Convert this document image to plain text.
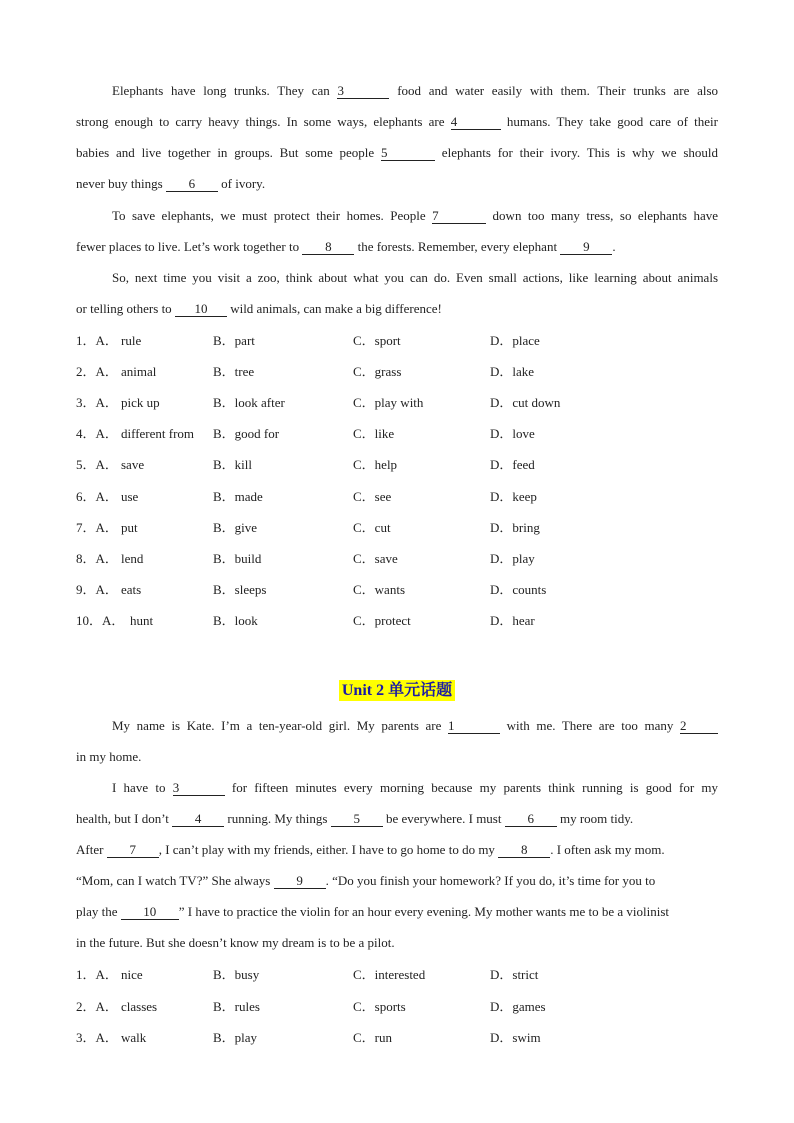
Elephants have long trunks. They can 3	food and water easily with them. Their trunks are also
strong enough to carry heavy things. In some ways, elephants are 4	humans. They take good care of their
babies and live together in groups. But some people 5	elephants for their ivory. This is why we should
never buy things 6 of ivory.
To save elephants, we must protect their homes. People 7	down too many tress, so elephants have
fewer places to live. Let’s work together to 8 the forests. Remember, every elephant 9 .
So, next time you visit a zoo, think about what you can do. Even small actions, like learning about animals
or telling others to 10 wild animals, can make a big difference!
1．A． rule	B．part	C．sport	D．place
2．A． animal	B．tree	C．grass	D．lake
3．A． pick up	B．look after	C．play with	D．cut down
4．A． different from B．good for	C．like	D．love
5．A． save	B．kill	C．help	D．feed
6．A． use	B．made	C．see	D．keep
7．A． put	B．give	C．cut	D．bring
8．A． lend	B．build	C．save	D．play
9．A． eats	B．sleeps	C．wants	D．counts
10．A． hunt	B．look	C．protect	D．hear
Unit 2 单元话题
My name is Kate. I’m a ten-year-old girl. My parents are 1	with me. There are too many 2
in my home.
I have to 3	for fifteen minutes every morning because my parents think running is good for my
health, but I don’t 4 running. My things 5 be everywhere. I must 6 my room tidy.
After 7 , I can’t play with my friends, either. I have to go home to do my 8 . I often ask my mom.
“Mom, can I watch TV?” She always 9 . “Do you finish your homework? If you do, it’s time for you to
play the 10 ” I have to practice the violin for an hour every evening. My mother wants me to be a violinist
in the future. But she doesn’t know my dream is to be a pilot.
1．A． nice	B．busy	C．interested	D．strict
2．A． classes	B．rules	C．sports	D．games
3．A． walk	B．play	C．run	D．swim
